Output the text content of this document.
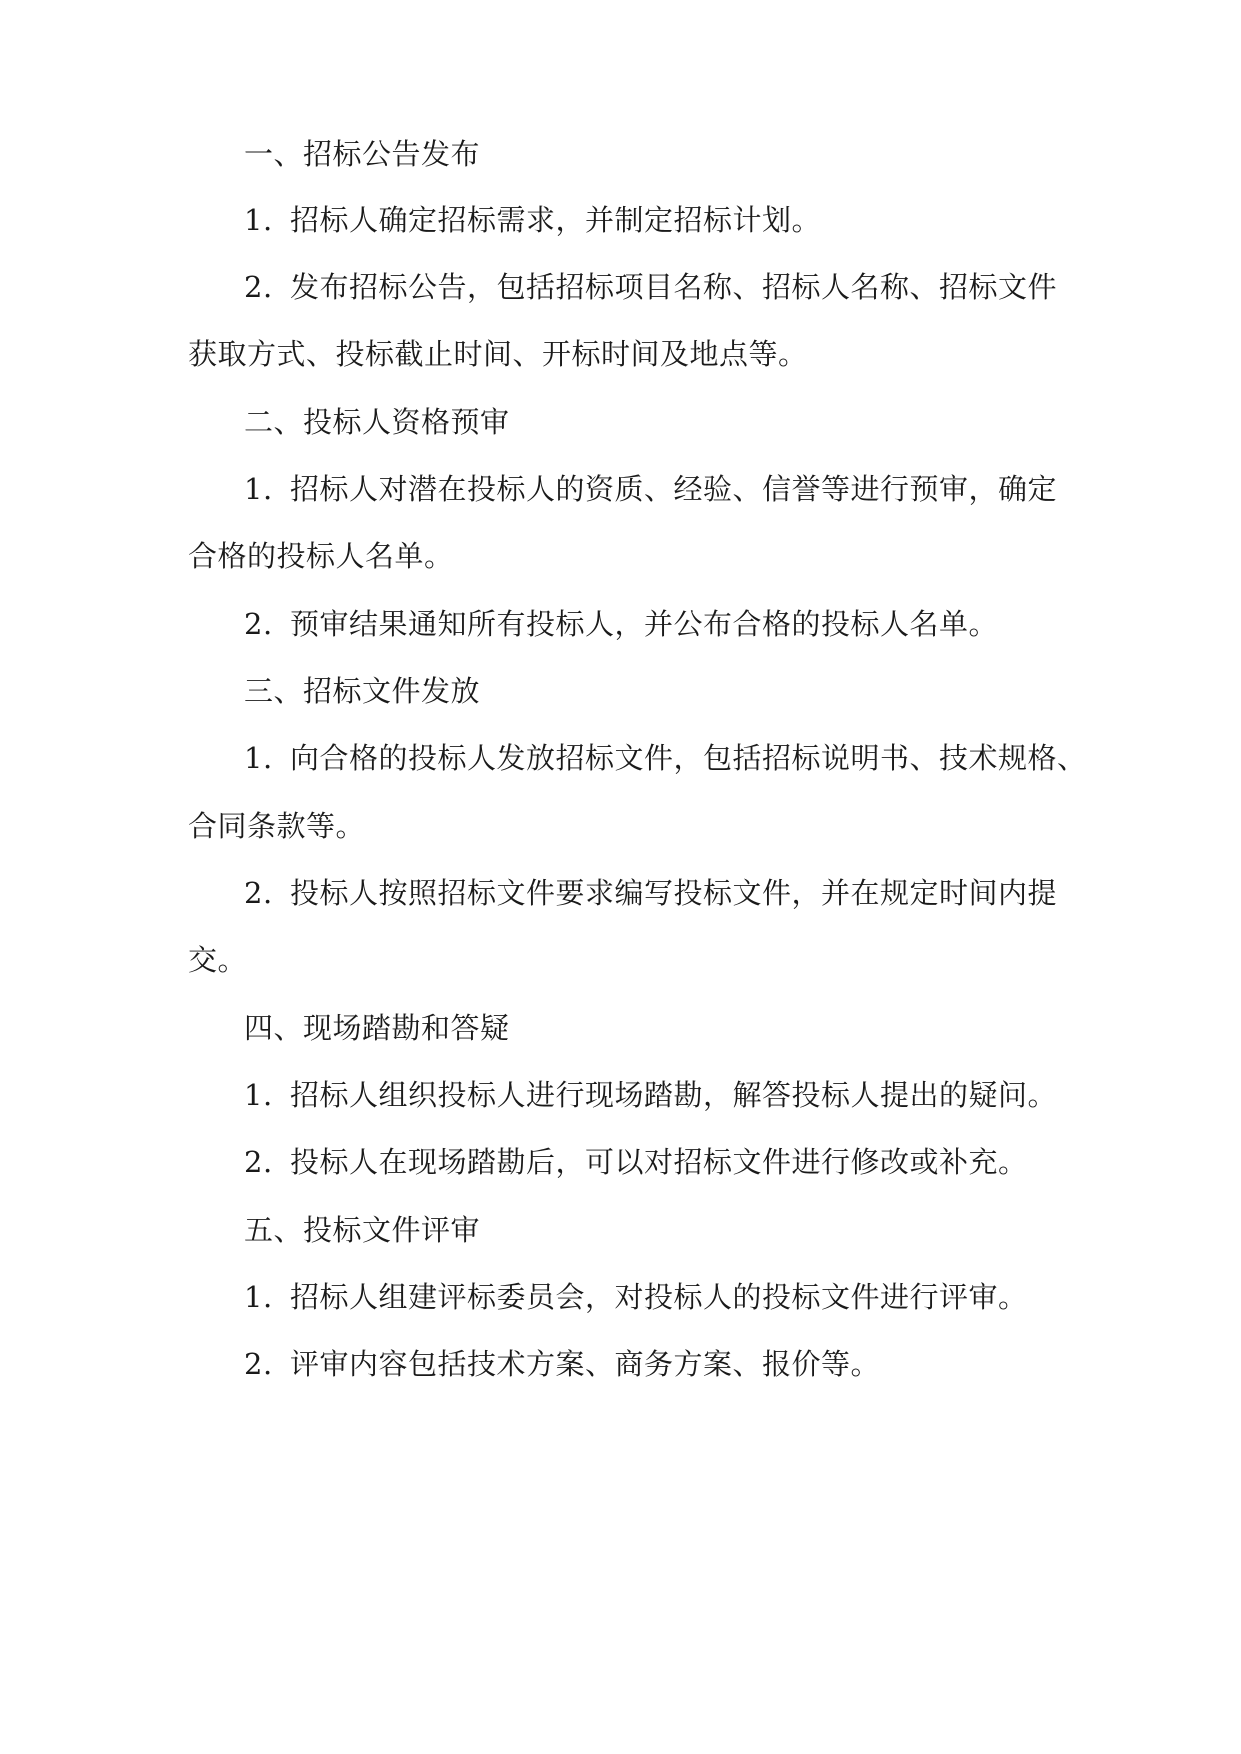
一、招标公告发布
1. 招标人确定招标需求，并制定招标计划。
2. 发布招标公告，包括招标项目名称、招标人名称、招标文件
获取方式、投标截止时间、开标时间及地点等。
二、投标人资格预审
1. 招标人对潜在投标人的资质、经验、信誉等进行预审，确定
合格的投标人名单。
2. 预审结果通知所有投标人，并公布合格的投标人名单。
三、招标文件发放
1. 向合格的投标人发放招标文件，包括招标说明书、技术规格、
合同条款等。
2. 投标人按照招标文件要求编写投标文件，并在规定时间内提
交。
四、现场踏勘和答疑
1. 招标人组织投标人进行现场踏勘，解答投标人提出的疑问。
2. 投标人在现场踏勘后，可以对招标文件进行修改或补充。
五、投标文件评审
1. 招标人组建评标委员会，对投标人的投标文件进行评审。
2. 评审内容包括技术方案、商务方案、报价等。
